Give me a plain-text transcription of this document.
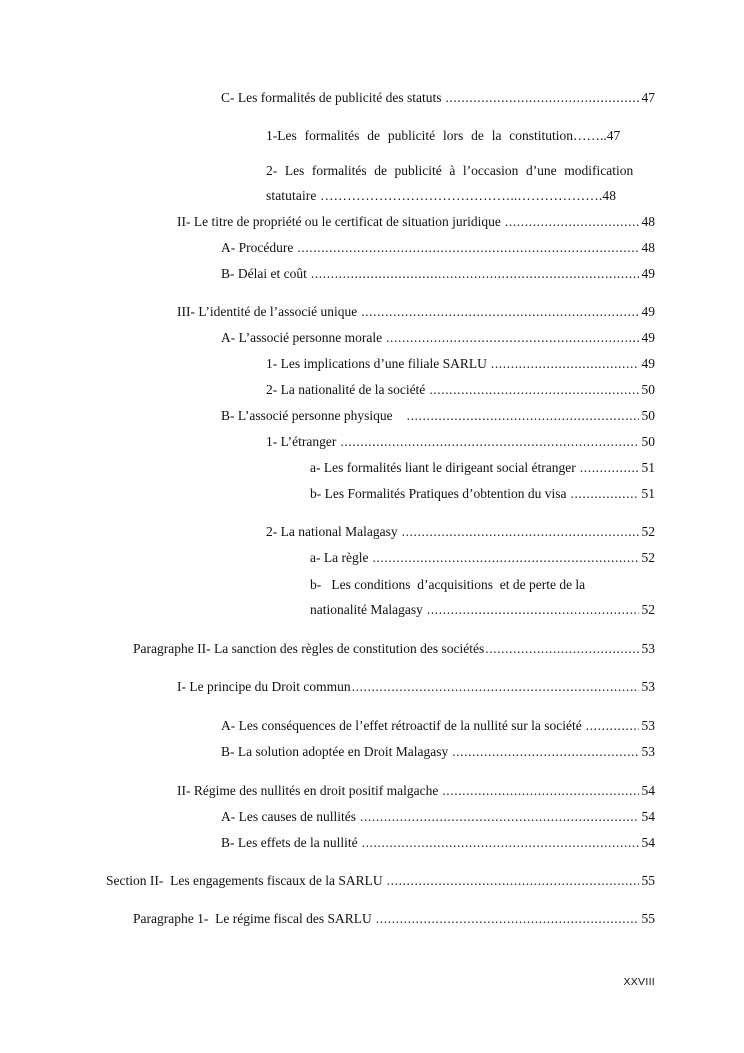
C- Les formalités de publicité des statuts .....	47
1-Les formalités de publicité lors de la constitution……..47
2- Les formalités de publicité à l’occasion d’une modification
statutaire ……………………………………..……………….48
II- Le titre de propriété ou le certificat de situation juridique .....	48
A- Procédure .....	48
B- Délai et coût .....	49
III- L’identité de l’associé unique .....	49
A- L’associé personne morale .....	49
1- Les implications d’une filiale SARLU .....	49
2- La nationalité de la société .....	50
B- L’associé personne physique .....	50
1- L’étranger .....	50
a- Les formalités liant le dirigeant social étranger .....	51
b- Les Formalités Pratiques d’obtention du visa .....	51
2- La national Malagasy .....	52
a- La règle .....	52
b-   Les conditions  d’acquisitions  et de perte de la
nationalité Malagasy .....	52
Paragraphe II- La sanction des règles de constitution des sociétés .....	53
I- Le principe du Droit commun .....	53
A- Les conséquences de l’effet rétroactif de la nullité sur la société .....	53
B- La solution adoptée en Droit Malagasy .....	53
II- Régime des nullités en droit positif malgache .....	54
A- Les causes de nullités .....	54
B- Les effets de la nullité .....	54
Section II-  Les engagements fiscaux de la SARLU .....	55
Paragraphe 1-  Le régime fiscal des SARLU .....	55
XXVIII
